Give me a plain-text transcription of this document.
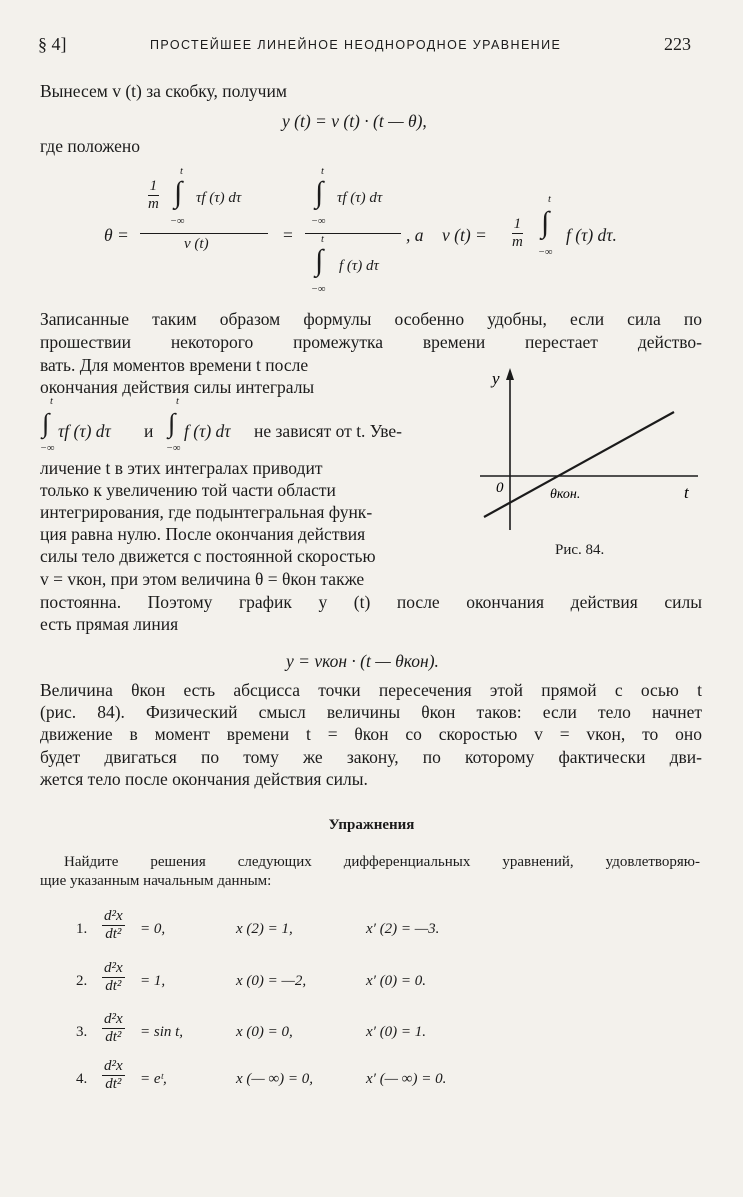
§ 4]	ПРОСТЕЙШЕЕ ЛИНЕЙНОЕ НЕОДНОРОДНОЕ УРАВНЕНИЕ	223
Вынесем v (t) за скобку, получим
y (t) = v (t) · (t — θ),
где положено
θ =
$\frac{1}{m}$
t
∫
−∞
τf (τ) dτ
v (t)	=
t
∫
−∞
τf (τ) dτ
t
∫
−∞
f (τ) dτ
, а v $(t) = \frac{1}{m}$
t
∫
−∞
f (τ) dτ.
Записанные таким образом формулы особенно удобны, если сила по
прошествии некоторого промежутка времени перестает действо-
вать. Для моментов времени t после
окончания действия силы интегралы
t
∫
−∞
τf (τ) dτ и
t
∫
−∞
f (τ) dτ не зависят от t. Уве-
личение t в этих интегралах приводит
только к увеличению той части области
интегрирования, где подынтегральная функ-
ция равна нулю. После окончания действия
силы тело движется с постоянной скоростью
v = vкон, при этом величина θ = θкон также
постоянна. Поэтому график y (t) после окончания действия силы
есть прямая линия
y
t
0	θкон.
Рис. 84.
y = vкон · (t — θкон).
Величина θкон есть абсцисса точки пересечения этой прямой с осью t
(рис. 84). Физический смысл величины θкон таков: если тело начнет
движение в момент времени t = θкон со скоростью v = vкон, то оно
будет двигаться по тому же закону, по которому фактически дви-
жется тело после окончания действия силы.
Упражнения
Найдите решения следующих дифференциальных уравнений, удовлетворяю-
щие указанным начальным данным:
1. $\frac{\text{d²x}}{\text{dt²}} = 0$,	x (2) = 1,	x′ (2) = —3.
2. $\frac{\text{d²x}}{\text{dt²}} = 1$,	x (0) = —2,	x′ (0) = 0.
3. $\frac{\text{d²x}}{\text{dt²}} = \sin t$,	x (0) = 0,	x′ (0) = 1.
4. $\frac{\text{d²x}}{\text{dt²}}$ = eᵗ,	x (— ∞) = 0,	x′ (— ∞) = 0.
